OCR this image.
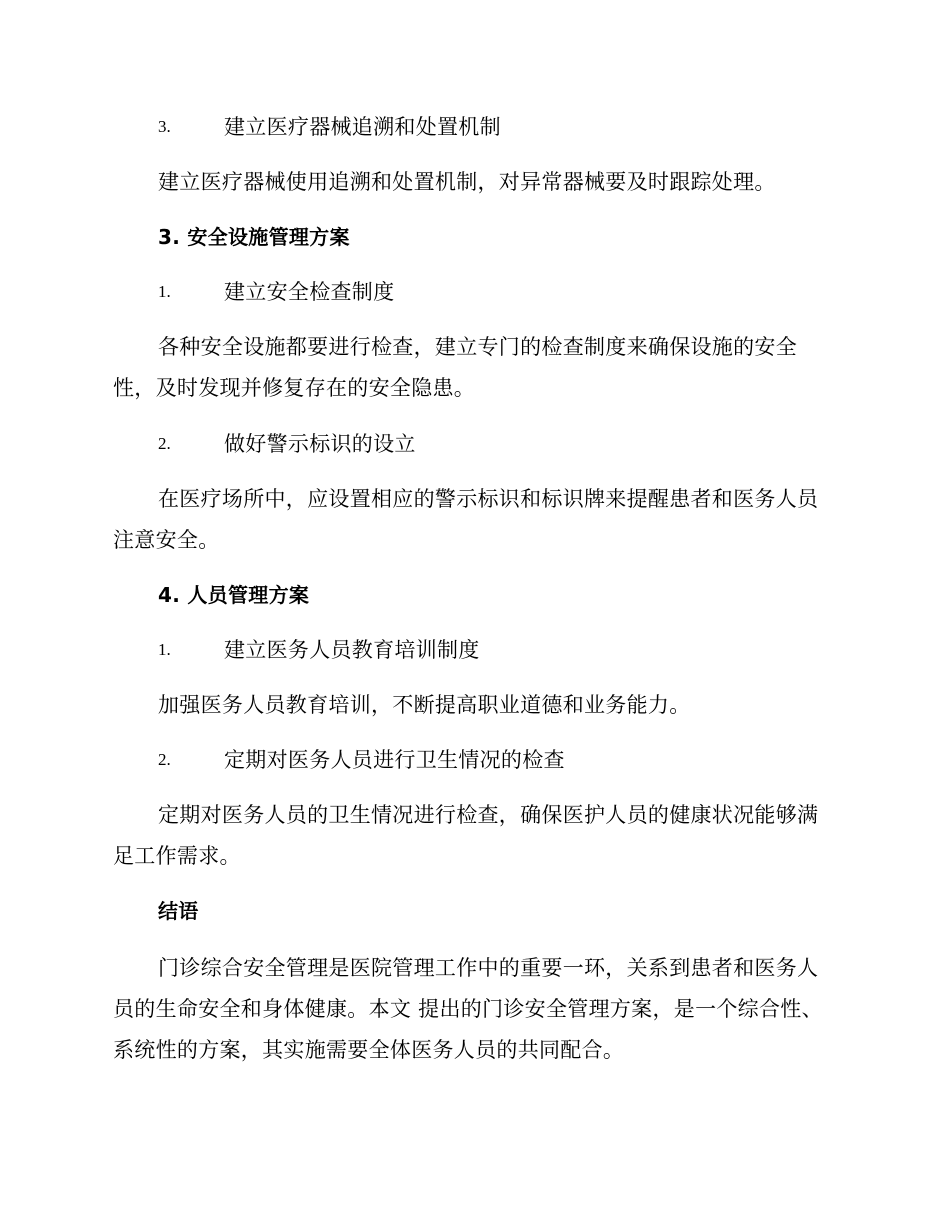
3.	建立医疗器械追溯和处置机制
建立医疗器械使用追溯和处置机制，对异常器械要及时跟踪处理。
3. 安全设施管理方案
1.	建立安全检查制度
各种安全设施都要进行检查，建立专门的检查制度来确保设施的安全
性，及时发现并修复存在的安全隐患。
2.	做好警示标识的设立
在医疗场所中，应设置相应的警示标识和标识牌来提醒患者和医务人员
注意安全。
4. 人员管理方案
1.	建立医务人员教育培训制度
加强医务人员教育培训，不断提高职业道德和业务能力。
2.	定期对医务人员进行卫生情况的检查
定期对医务人员的卫生情况进行检查，确保医护人员的健康状况能够满
足工作需求。
结语
门诊综合安全管理是医院管理工作中的重要一环，关系到患者和医务人
员的生命安全和身体健康。本文 提出的门诊安全管理方案，是一个综合性、
系统性的方案，其实施需要全体医务人员的共同配合。
